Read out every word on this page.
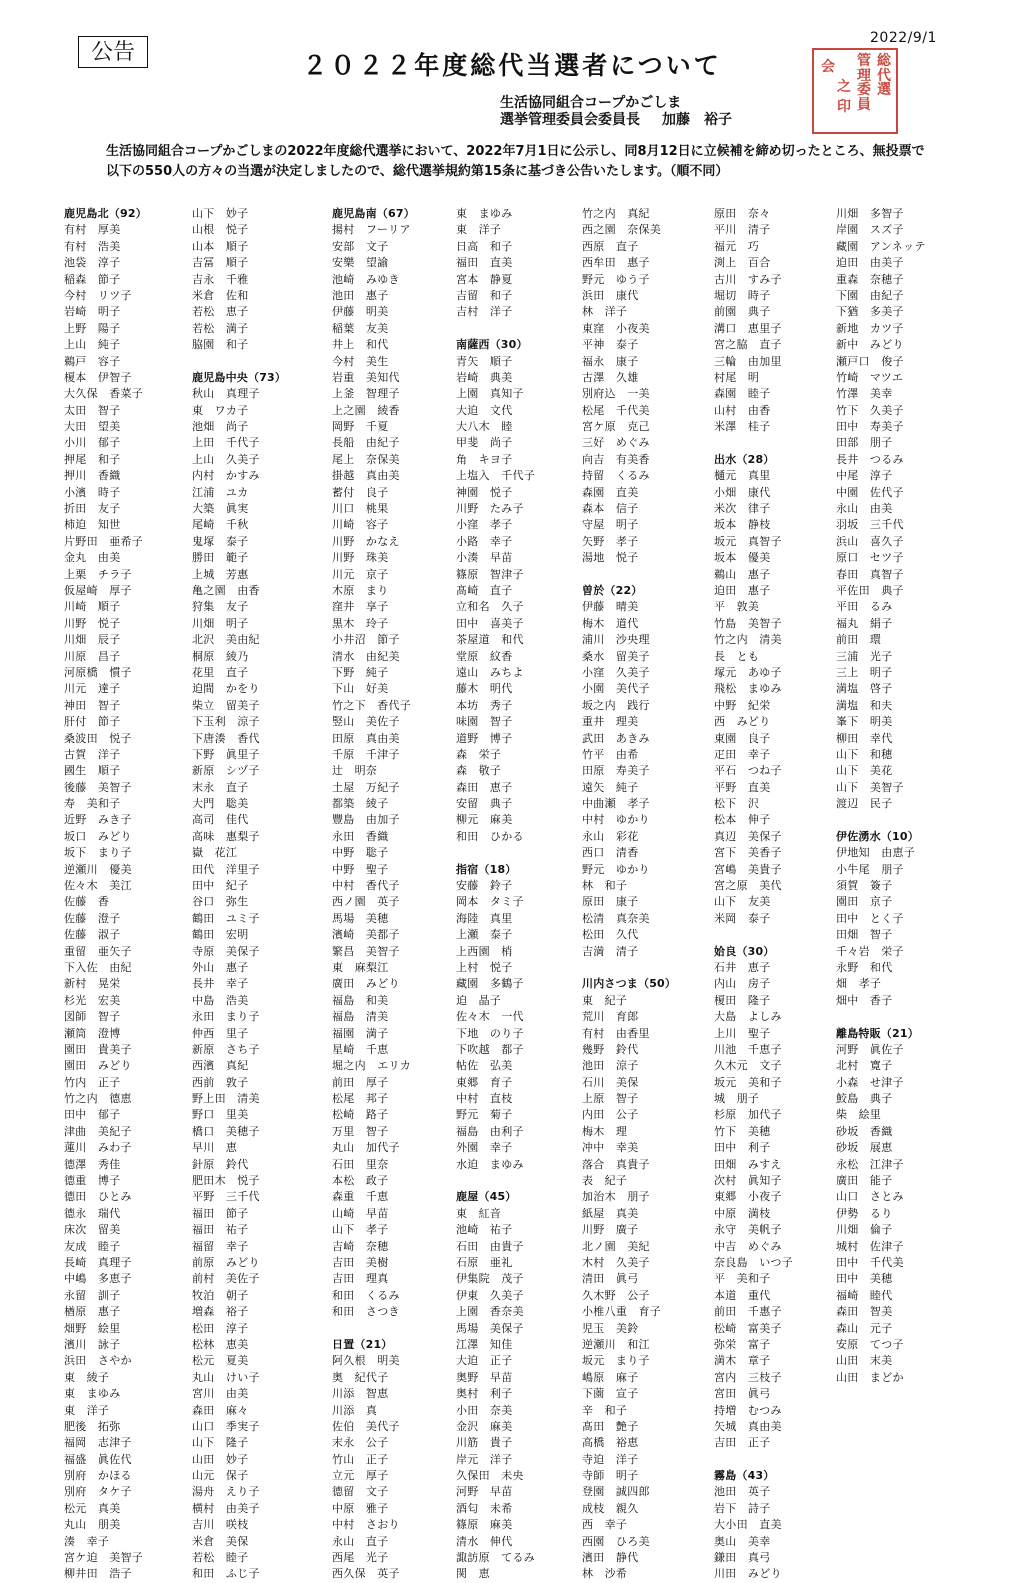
公告
2022/9/1
２０２２年度総代当選者について
生活協同組合コープかごしま
選挙管理委員会委員長 加藤　裕子
総
代
選
管
理
委
員
会
之
印
生活協同組合コープかごしまの2022年度総代選挙において、2022年7月1日に公示し、同8月12日に立候補を締め切ったところ、無投票で以下の550人の方々の当選が決定しましたので、総代選挙規約第15条に基づき公告いたします。（順不同）
鹿児島北（92）
有村　厚美
有村　浩美
池袋　淳子
稲森　節子
今村　リツ子
岩崎　明子
上野　陽子
上山　純子
鵜戸　容子
榎本　伊智子
大久保　香菜子
太田　智子
大田　望美
小川　郁子
押尾　和子
押川　香織
小濱　時子
折田　友子
柿迫　知世
片野田　亜希子
金丸　由美
上栗　チラ子
仮屋崎　厚子
川崎　順子
川野　悦子
川畑　辰子
川原　昌子
河原橋　慣子
川元　達子
神田　智子
肝付　節子
桑波田　悦子
古賀　洋子
國生　順子
後藤　美智子
寿　美和子
近野　みき子
坂口　みどり
坂下　まり子
逆瀬川　優美
佐々木　美江
佐藤　香
佐藤　澄子
佐藤　淑子
重留　亜矢子
下入佐　由紀
新村　晃栄
杉光　宏美
図師　智子
瀬筒　澄博
園田　貴美子
園田　みどり
竹内　正子
竹之内　德恵
田中　郁子
津曲　美紀子
蓮川　みわ子
德澤　秀佳
德重　博子
德田　ひとみ
德永　瑞代
床次　留美
友成　睦子
長崎　真理子
中嶋　多恵子
永留　訓子
楢原　惠子
畑野　絵里
濱川　詠子
浜田　さやか
東　綾子
東　まゆみ
東　洋子
肥後　拓弥
福岡　志津子
福盛　眞佐代
別府　かほる
別府　タケ子
松元　真美
丸山　朋美
湊　幸子
宮ケ迫　美智子
柳井田　浩子
山下　妙子
山根　悦子
山本　順子
吉冨　順子
吉永　千雅
米倉　佐和
若松　恵子
若松　満子
脇園　和子
鹿児島中央（73）
秋山　真理子
東　ワカ子
池畑　尚子
上田　千代子
上山　久美子
内村　かすみ
江浦　ユカ
大築　眞実
尾崎　千秋
鬼塚　泰子
勝田　範子
上城　芳惠
亀之園　由香
狩集　友子
川畑　明子
北沢　美由紀
桐原　綾乃
花里　直子
迫間　かをり
柴立　留美子
下玉利　涼子
下唐湊　香代
下野　眞里子
新原　シヅ子
末永　直子
大門　聡美
高司　佳代
高味　惠梨子
嶽　花江
田代　洋里子
田中　紀子
谷口　弥生
鶴田　ユミ子
鶴田　宏明
寺原　美保子
外山　惠子
長井　幸子
中島　浩美
永田　まり子
仲西　里子
新原　さち子
西濱　真紀
西前　敦子
野上田　清美
野口　里美
橋口　美穂子
早川　恵
針原　鈴代
肥田木　悦子
平野　三千代
福田　節子
福田　祐子
福留　幸子
前原　みどり
前村　美佐子
牧泊　朝子
増森　裕子
松田　淳子
松林　恵美
松元　夏美
丸山　けい子
宮川　由美
森田　麻々
山口　季実子
山下　隆子
山田　妙子
山元　保子
湯舟　えり子
横村　由美子
吉川　咲枝
米倉　美保
若松　睦子
和田　ふじ子
鹿児島南（67）
揚村　フーリア
安部　文子
安樂　望諭
池崎　みゆき
池田　惠子
伊藤　明美
稲葉　友美
井上　和代
今村　美生
岩重　美知代
上釜　智理子
上之園　綾香
岡野　千夏
長船　由紀子
尾上　奈保美
掛越　真由美
蓄付　良子
川口　桃果
川崎　容子
川野　かなえ
川野　珠美
川元　京子
木原　まり
窪井　享子
黒木　玲子
小井沼　節子
清水　由紀美
下野　純子
下山　好美
竹之下　香代子
竪山　美佐子
田原　真由美
千原　千津子
辻　明奈
土屋　万紀子
都築　綾子
豐島　由加子
永田　香織
中野　聡子
中野　聖子
中村　香代子
西ノ園　英子
馬場　美穂
濱崎　美都子
繁昌　美智子
東　麻梨江
廣田　みどり
福島　和美
福島　清美
福園　満子
星崎　千恵
堀之内　エリカ
前田　厚子
松尾　邦子
松崎　路子
万里　智子
丸山　加代子
石田　里奈
本松　政子
森重　千恵
山崎　早苗
山下　孝子
吉崎　奈穂
吉田　美樹
吉田　理真
和田　くるみ
和田　さつき
日置（21）
阿久根　明美
奥　紀代子
川添　智恵
川添　真
佐伯　美代子
末永　公子
竹山　正子
立元　厚子
德留　文子
中原　雅子
中村　さおり
永山　直子
西尾　光子
西久保　英子
東　まゆみ
東　洋子
日高　和子
福田　直美
宮本　静夏
吉留　和子
吉村　洋子
南薩西（30）
青矢　順子
岩崎　典美
上園　真知子
大迫　文代
大八木　睦
甲斐　尚子
角　キヨ子
上塩入　千代子
神園　悦子
川野　たみ子
小窪　孝子
小路　幸子
小湊　早苗
篠原　智津子
髙崎　直子
立和名　久子
田中　喜美子
茶屋道　和代
堂原　紋香
遠山　みちよ
藤木　明代
本坊　秀子
味園　智子
道野　博子
森　栄子
森　敬子
森田　恵子
安留　典子
柳元　麻美
和田　ひかる
指宿（18）
安藤　鈴子
岡本　タミ子
海陸　真里
上瀬　泰子
上西園　梢
上村　悦子
藏園　多鶴子
迫　晶子
佐々木　一代
下地　のり子
下吹越　都子
帖佐　弘美
東郷　育子
中村　直枝
野元　菊子
福島　由利子
外園　幸子
水迫　まゆみ
鹿屋（45）
東　紅音
池崎　祐子
石田　由貴子
石原　亜礼
伊集院　茂子
伊東　久美子
上園　香奈美
馬場　美保子
江澤　知佳
大迫　正子
奥野　早苗
奥村　利子
小田　奈美
金沢　麻美
川筋　貴子
岸元　洋子
久保田　未央
河野　早苗
酒匂　未希
篠原　麻美
清水　伸代
諏訪原　てるみ
関　恵
竹之内　真紀
西之園　奈保美
西原　直子
西牟田　惠子
野元　ゆう子
浜田　康代
林　洋子
東窪　小夜美
平神　泰子
福永　康子
古澤　久雄
別府込　一美
松尾　千代美
宮ケ原　克己
三好　めぐみ
向吉　有美香
持留　くるみ
森園　直美
森本　信子
守屋　明子
矢野　孝子
湯地　悦子
曽於（22）
伊藤　晴美
梅木　道代
浦川　沙央理
桑水　留美子
小窪　久美子
小園　美代子
坂之内　践行
重井　理美
武田　あきみ
竹平　由希
田原　寿美子
遠矢　純子
中曲瀬　孝子
中村　ゆかり
永山　彩花
西口　清香
野元　ゆかり
林　和子
原田　康子
松清　真奈美
松田　久代
吉満　清子
川内さつま（50）
東　紀子
荒川　育郎
有村　由香里
幾野　鈴代
池田　涼子
石川　美保
上原　智子
内田　公子
梅木　理
冲中　幸美
落合　真貴子
表　紀子
加治木　朋子
紙屋　真美
川野　廣子
北ノ園　美紀
木村　久美子
清田　眞弓
久木野　公子
小椎八重　育子
児玉　美鈴
逆瀬川　和江
坂元　まり子
嶋原　麻子
下薗　宣子
辛　和子
髙田　艶子
高橋　裕恵
寺迫　洋子
寺師　明子
登園　誠四郎
成枝　親久
西　幸子
西園　ひろ美
濱田　静代
林　沙希
原田　奈々
平川　清子
福元　巧
渕上　百合
古川　すみ子
堀切　時子
前園　典子
溝口　恵里子
宮之脇　直子
三輪　由加里
村尾　明
森園　睦子
山村　由香
米澤　桂子
出水（28）
樋元　真里
小畑　康代
米次　律子
坂本　静枝
坂元　真智子
坂本　優美
鵜山　惠子
迫田　惠子
平　敦美
竹島　美智子
竹之内　清美
長　とも
塚元　あゆ子
飛松　まゆみ
中野　紀栄
西　みどり
東園　良子
疋田　幸子
平石　つね子
平野　直美
松下　沢
松本　伸子
真辺　美保子
宮下　美香子
宮嶋　美貴子
宮之原　美代
山下　友美
米岡　泰子
姶良（30）
石井　恵子
内山　房子
榎田　隆子
大島　よしみ
上川　聖子
川池　千恵子
久木元　文子
坂元　美和子
城　朋子
杉原　加代子
竹下　美穂
田中　利子
田畑　みすえ
次村　眞知子
東郷　小夜子
中原　満枝
永守　美帆子
中吉　めぐみ
奈良島　いつ子
平　美和子
本道　重代
前田　千惠子
松崎　富美子
弥栄　富子
満木　章子
宮内　三枝子
宮田　眞弓
持増　むつみ
矢城　真由美
吉田　正子
霧島（43）
池田　英子
岩下　詩子
大小田　直美
奥山　美幸
鎌田　真弓
川田　みどり
川畑　多智子
岸園　スズ子
藏園　アンネッテ
迫田　由美子
重森　奈穂子
下園　由紀子
下猶　多美子
新地　カツ子
新中　みどり
瀬戸口　俊子
竹崎　マツエ
竹澤　美幸
竹下　久美子
田中　寿美子
田部　朋子
長井　つるみ
中尾　淳子
中園　佐代子
永山　由美
羽坂　三千代
浜山　喜久子
原口　セツ子
春田　真智子
平佐田　典子
平田　るみ
福丸　絹子
前田　環
三浦　光子
三上　明子
満塩　啓子
満塩　和夫
峯下　明美
柳田　幸代
山下　和穂
山下　美花
山下　美智子
渡辺　民子
伊佐湧水（10）
伊地知　由恵子
小牛尾　朋子
須賀　簽子
園田　京子
田中　とく子
田畑　智子
千々岩　栄子
永野　和代
畑　孝子
畑中　香子
離島特販（21）
河野　眞佐子
北村　寛子
小森　せ津子
鮫島　典子
柴　絵里
砂坂　香織
砂坂　展恵
永松　江津子
廣田　能子
山口　さとみ
伊勢　るり
川畑　倫子
城村　佐津子
田中　千代美
田中　美穂
福崎　睦代
森田　智美
森山　元子
安原　てつ子
山田　末美
山田　まどか
